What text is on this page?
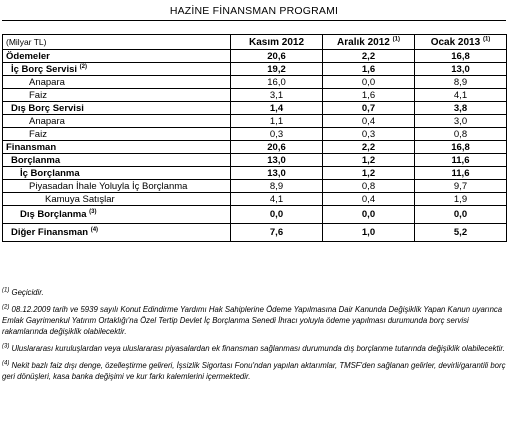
HAZİNE FİNANSMAN PROGRAMI
(Milyar TL)	Kasım 2012	Aralık 2012 $^{(1)}$	Ocak 2013 $^{(1)}$
Ödemeler	20,6	2,2	16,8
İç Borç Servisi $^{(2)}$	19,2	1,6	13,0
Anapara	16,0	0,0	8,9
Faiz	3,1	1,6	4,1
Dış Borç Servisi	1,4	0,7	3,8
Anapara	1,1	0,4	3,0
Faiz	0,3	0,3	0,8
Finansman	20,6	2,2	16,8
Borçlanma	13,0	1,2	11,6
İç Borçlanma	13,0	1,2	11,6
Piyasadan İhale Yoluyla İç Borçlanma	8,9	0,8	9,7
Kamuya Satışlar	4,1	0,4	1,9
Dış Borçlanma $^{(3)}$	0,0	0,0	0,0
Diğer Finansman $^{(4)}$	7,6	1,0	5,2

$^{(1)}$ Geçicidir.

$^{(2)}$ 08.12.2009 tarih ve 5939 sayılı Konut Edindirme Yardımı Hak Sahiplerine Ödeme Yapılmasına Dair Kanunda Değişiklik Yapan Kanun uyarınca Emlak Gayrimenkul Yatırım Ortaklığı'na Özel Tertip Devlet İç Borçlanma Senedi İhracı yoluyla ödeme yapılması durumunda borç servisi rakamlarında değişiklik olabilecektir.

$^{(3)}$ Uluslararası kuruluşlardan veya uluslararası piyasalardan ek finansman sağlanması durumunda dış borçlanme tutarında değişiklik olabilecektir.

$^{(4)}$ Nekit bazlı faiz dışı denge, özelleştirme gelireri, İşsizlik Sigortası Fonu'ndan yapılan aktarımlar, TMSF'den sağlanan gelirler, devirli/garantili borç geri dönüşleri, kasa banka değişimi ve kur farkı kalemlerini içermektedir.
